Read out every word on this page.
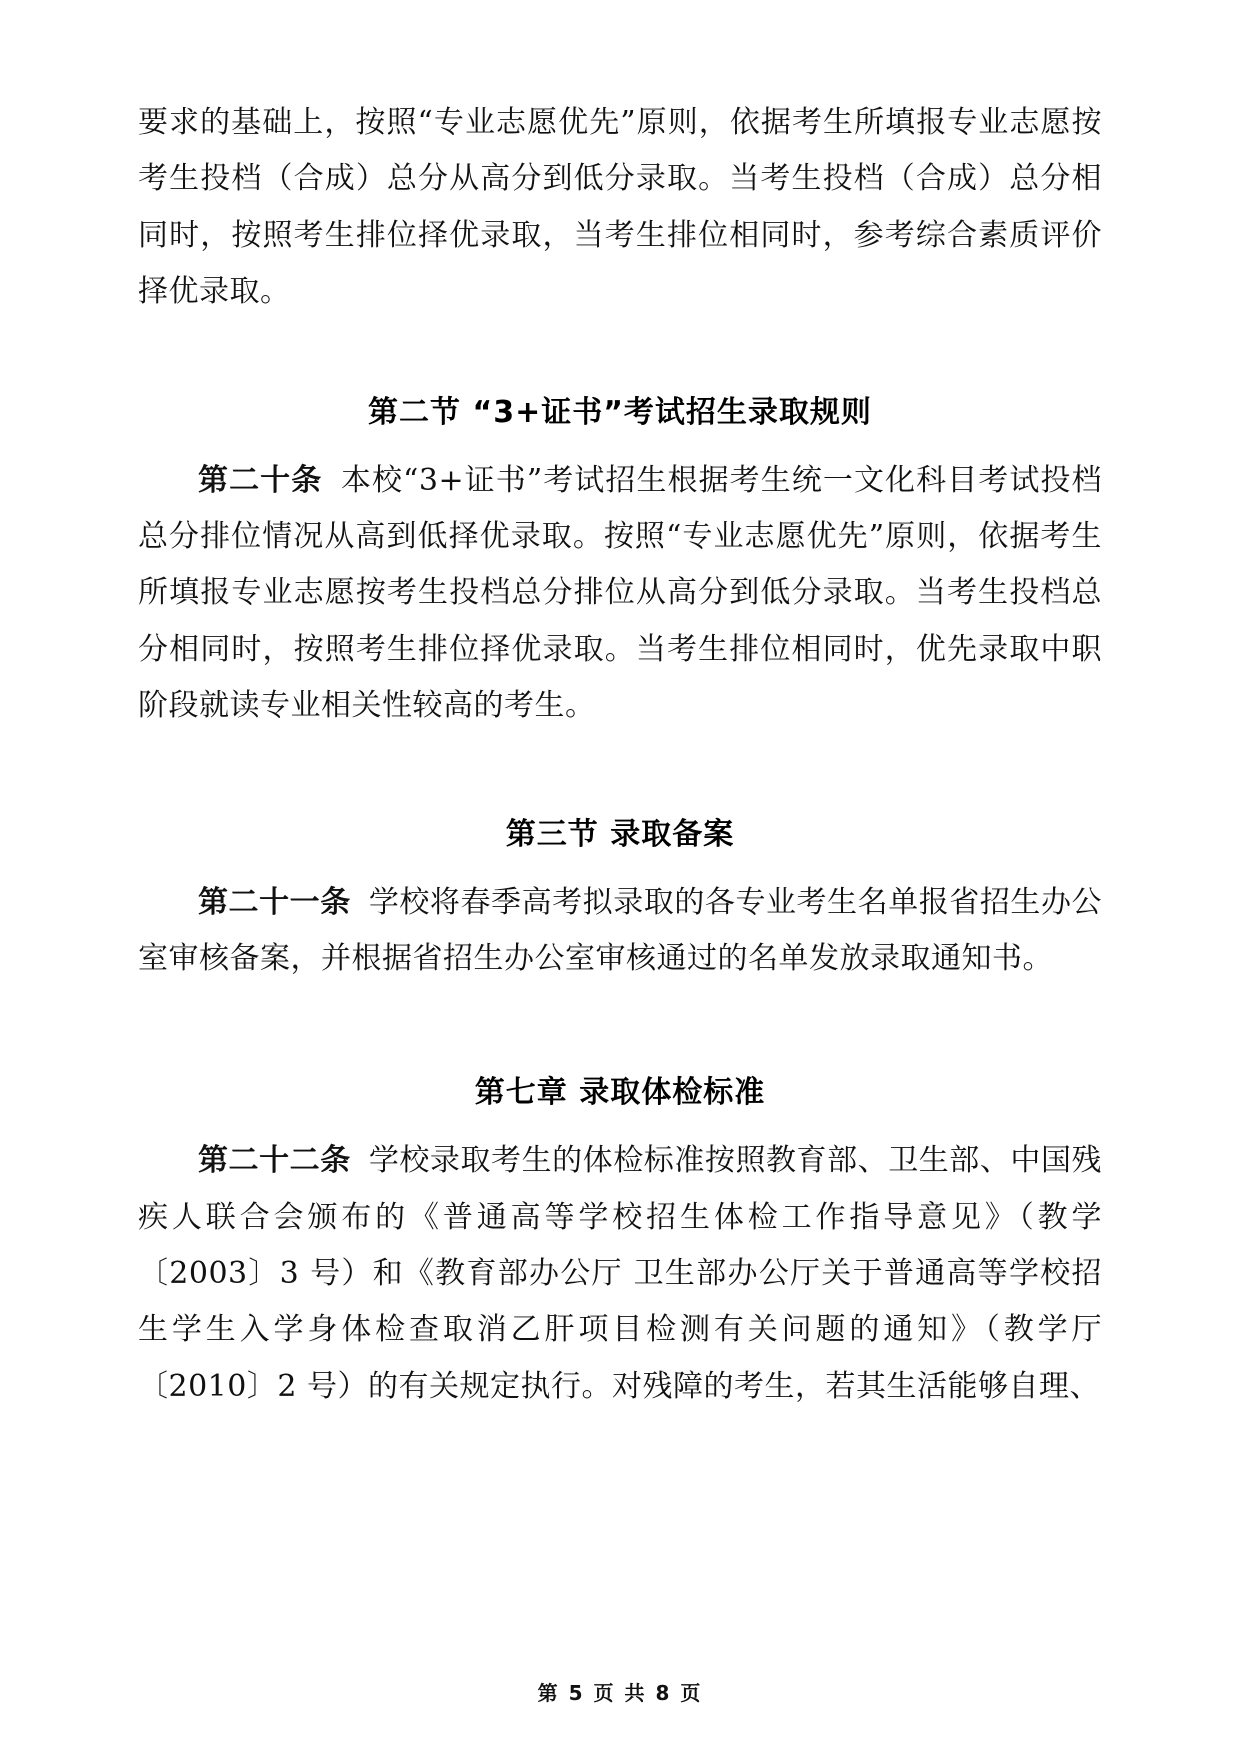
要求的基础上，按照“专业志愿优先”原则，依据考生所填报专业志愿按考生投档（合成）总分从高分到低分录取。当考生投档（合成）总分相同时，按照考生排位择优录取，当考生排位相同时，参考综合素质评价择优录取。

第二节 “3+证书”考试招生录取规则

第二十条 本校“3+证书”考试招生根据考生统一文化科目考试投档总分排位情况从高到低择优录取。按照“专业志愿优先”原则，依据考生所填报专业志愿按考生投档总分排位从高分到低分录取。当考生投档总分相同时，按照考生排位择优录取。当考生排位相同时，优先录取中职阶段就读专业相关性较高的考生。

第三节 录取备案

第二十一条 学校将春季高考拟录取的各专业考生名单报省招生办公室审核备案，并根据省招生办公室审核通过的名单发放录取通知书。

第七章 录取体检标准

第二十二条 学校录取考生的体检标准按照教育部、卫生部、中国残疾人联合会颁布的《普通高等学校招生体检工作指导意见》（教学〔2003〕3 号）和《教育部办公厅 卫生部办公厅关于普通高等学校招生学生入学身体检查取消乙肝项目检测有关问题的通知》（教学厅〔2010〕2 号）的有关规定执行。对残障的考生，若其生活能够自理、

第 5 页 共 8 页
